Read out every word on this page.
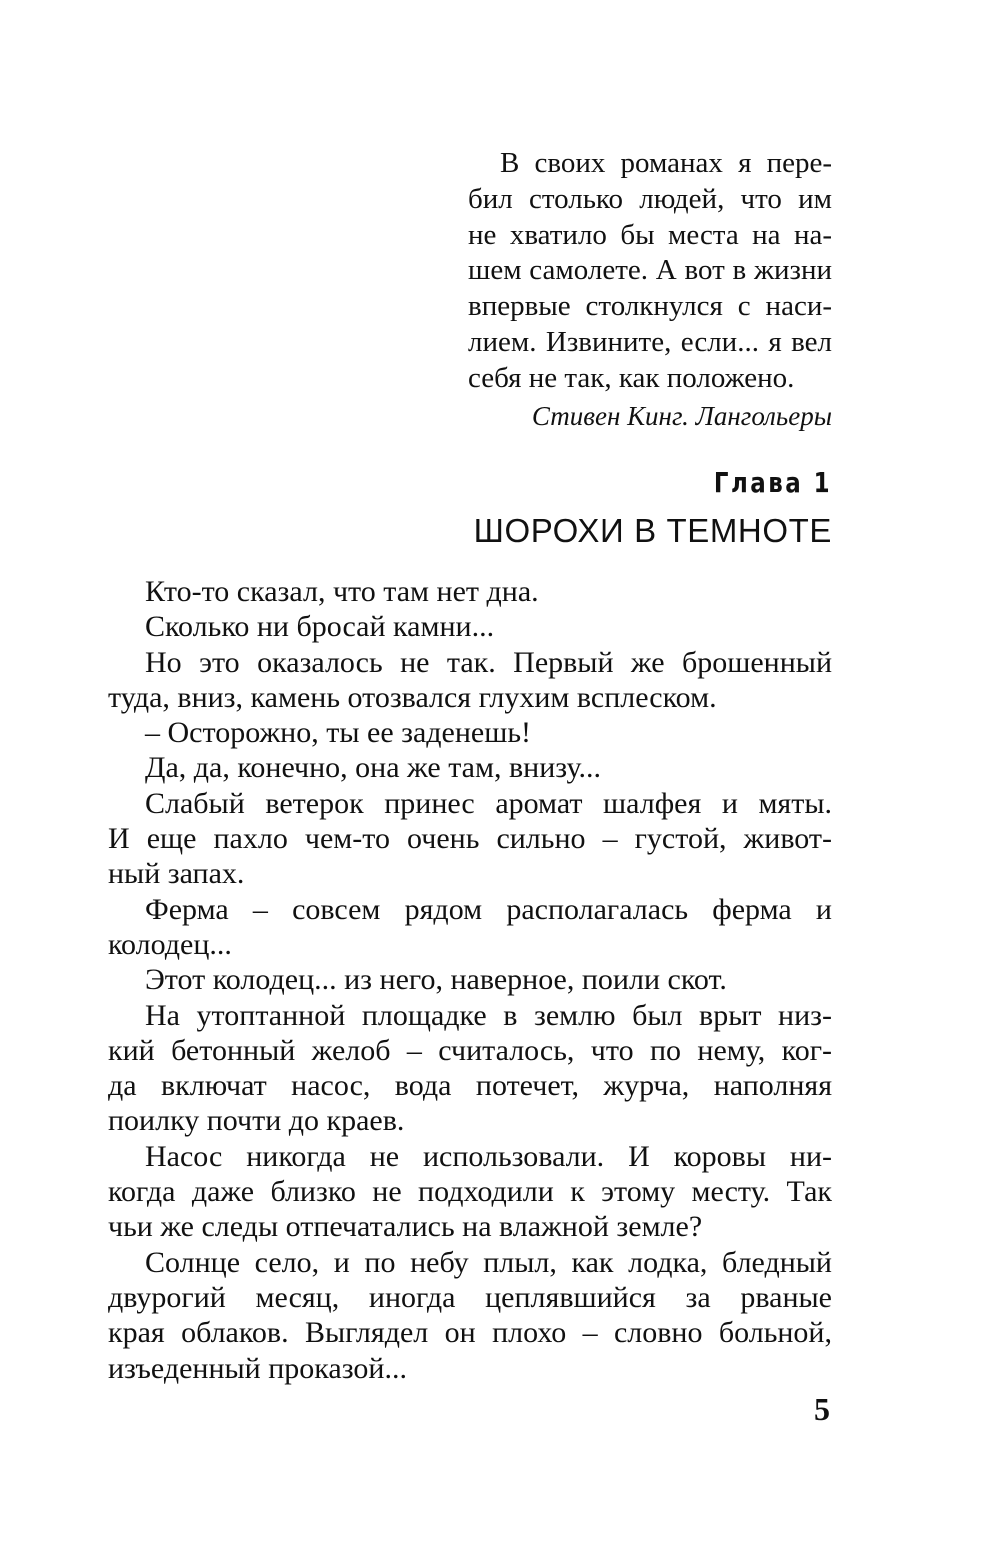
В своих романах я пере-
бил столько людей, что им
не хватило бы места на на-
шем самолете. А вот в жизни
впервые столкнулся с наси-
лием. Извините, если... я вел
себя не так, как положено.
Стивен Кинг. Лангольеры
Глава 1
ШОРОХИ В ТЕМНОТЕ
Кто-то сказал, что там нет дна.
Сколько ни бросай камни...
Но это оказалось не так. Первый же брошенный
туда, вниз, камень отозвался глухим всплеском.
– Осторожно, ты ее заденешь!
Да, да, конечно, она же там, внизу...
Слабый ветерок принес аромат шалфея и мяты.
И еще пахло чем-то очень сильно – густой, живот-
ный запах.
Ферма – совсем рядом располагалась ферма и
колодец...
Этот колодец... из него, наверное, поили скот.
На утоптанной площадке в землю был врыт низ-
кий бетонный желоб – считалось, что по нему, ког-
да включат насос, вода потечет, журча, наполняя
поилку почти до краев.
Насос никогда не использовали. И коровы ни-
когда даже близко не подходили к этому месту. Так
чьи же следы отпечатались на влажной земле?
Солнце село, и по небу плыл, как лодка, бледный
двурогий месяц, иногда цеплявшийся за рваные
края облаков. Выглядел он плохо – словно больной,
изъеденный проказой...
5
